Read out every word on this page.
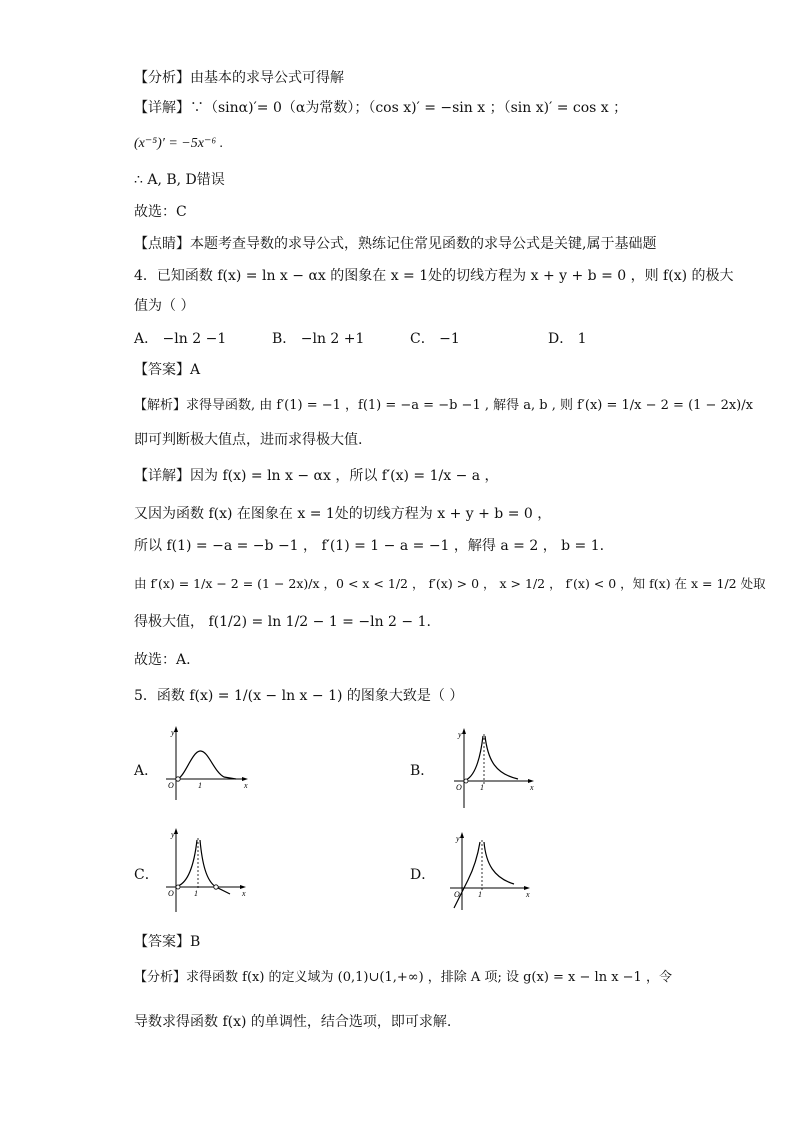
【分析】由基本的求导公式可得解
【详解】∵（sinα)′= 0（α为常数）；（cos x)′ = −sin x ；（sin x)′ = cos x ；
(x⁻⁵)′ = −5x⁻⁶ .
∴ A, B, D错误
故选：C
【点睛】本题考查导数的求导公式，熟练记住常见函数的求导公式是关键,属于基础题
4．已知函数 f(x) = ln x − αx 的图象在 x = 1处的切线方程为 x + y + b = 0 ，则 f(x) 的极大
值为（ ）
A． −ln 2 −1	B． −ln 2 +1	C． −1	D． 1
【答案】A
【解析】求得导函数, 由 f′(1) = −1 ，f(1) = −a = −b −1 , 解得 a, b , 则 f′(x) = 1/x − 2 = (1 − 2x)/x
即可判断极大值点，进而求得极大值.
【详解】因为 f(x) = ln x − αx ，所以 f′(x) = 1/x − a ，
又因为函数 f(x) 在图象在 x = 1处的切线方程为 x + y + b = 0 ，
所以 f(1) = −a = −b −1 ， f′(1) = 1 − a = −1 ，解得 a = 2 ， b = 1.
由 f′(x) = 1/x − 2 = (1 − 2x)/x ，0 < x < 1/2 ， f′(x) > 0 ， x > 1/2 ， f′(x) < 0 ，知 f(x) 在 x = 1/2 处取
得极大值， f(1/2) = ln 1/2 − 1 = −ln 2 − 1.
故选：A.
5．函数 f(x) = 1/(x − ln x − 1) 的图象大致是（ ）
A．	B．
C．	D．
y
x
O	1
y
x
O 1
y
x
O	1
y
x
O 1
【答案】B
【分析】求得函数 f(x) 的定义域为 (0,1)∪(1,+∞) ，排除 A 项; 设 g(x) = x − ln x −1 ，令
导数求得函数 f(x) 的单调性，结合选项，即可求解.
